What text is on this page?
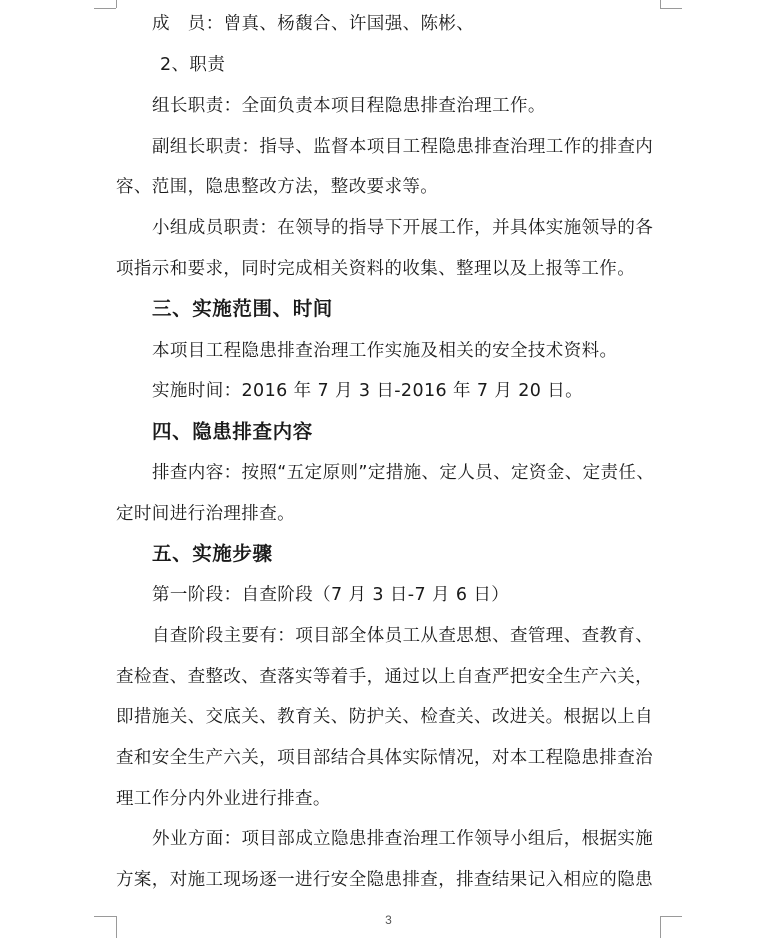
成　员：曾真、杨馥合、许国强、陈彬、
2、职责
组长职责：全面负责本项目程隐患排查治理工作。
副组长职责：指导、监督本项目工程隐患排查治理工作的排查内
容、范围，隐患整改方法，整改要求等。
小组成员职责：在领导的指导下开展工作，并具体实施领导的各
项指示和要求，同时完成相关资料的收集、整理以及上报等工作。
三、实施范围、时间
本项目工程隐患排查治理工作实施及相关的安全技术资料。
实施时间：2016 年 7 月 3 日-2016 年 7 月 20 日。
四、隐患排查内容
排查内容：按照“五定原则”定措施、定人员、定资金、定责任、
定时间进行治理排查。
五、实施步骤
第一阶段：自查阶段（7 月 3 日-7 月 6 日）
自查阶段主要有：项目部全体员工从查思想、查管理、查教育、
查检查、查整改、查落实等着手，通过以上自查严把安全生产六关，
即措施关、交底关、教育关、防护关、检查关、改进关。根据以上自
查和安全生产六关，项目部结合具体实际情况，对本工程隐患排查治
理工作分内外业进行排查。
外业方面：项目部成立隐患排查治理工作领导小组后，根据实施
方案，对施工现场逐一进行安全隐患排查，排查结果记入相应的隐患
3
